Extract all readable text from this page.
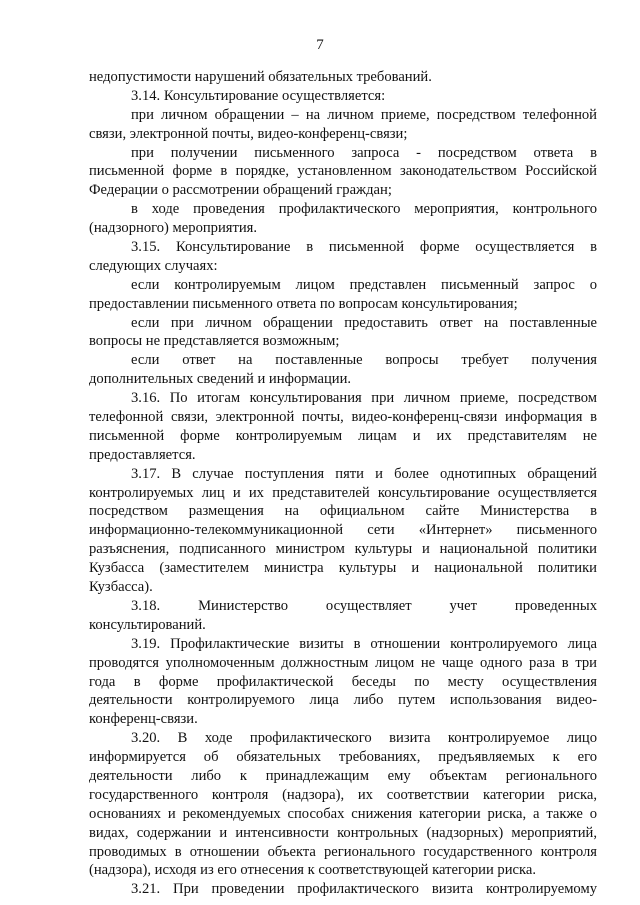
7
недопустимости нарушений обязательных требований.
3.14. Консультирование осуществляется:
при личном обращении – на личном приеме, посредством телефонной
связи, электронной почты, видео-конференц-связи;
при получении письменного запроса - посредством ответа в
письменной форме в порядке, установленном законодательством Российской
Федерации о рассмотрении обращений граждан;
в ходе проведения профилактического мероприятия, контрольного
(надзорного) мероприятия.
3.15. Консультирование в письменной форме осуществляется в
следующих случаях:
если контролируемым лицом представлен письменный запрос о
предоставлении письменного ответа по вопросам консультирования;
если при личном обращении предоставить ответ на поставленные
вопросы не представляется возможным;
если ответ на поставленные вопросы требует получения
дополнительных сведений и информации.
3.16. По итогам консультирования при личном приеме, посредством
телефонной связи, электронной почты, видео-конференц-связи информация в
письменной форме контролируемым лицам и их представителям не
предоставляется.
3.17. В случае поступления пяти и более однотипных обращений
контролируемых лиц и их представителей консультирование осуществляется
посредством размещения на официальном сайте Министерства в
информационно-телекоммуникационной сети «Интернет» письменного
разъяснения, подписанного министром культуры и национальной политики
Кузбасса (заместителем министра культуры и национальной политики
Кузбасса).
3.18. Министерство осуществляет учет проведенных
консультирований.
3.19. Профилактические визиты в отношении контролируемого лица
проводятся уполномоченным должностным лицом не чаще одного раза в три
года в форме профилактической беседы по месту осуществления
деятельности контролируемого лица либо путем использования видео-
конференц-связи.
3.20. В ходе профилактического визита контролируемое лицо
информируется об обязательных требованиях, предъявляемых к его
деятельности либо к принадлежащим ему объектам регионального
государственного контроля (надзора), их соответствии категории риска,
основаниях и рекомендуемых способах снижения категории риска, а также о
видах, содержании и интенсивности контрольных (надзорных) мероприятий,
проводимых в отношении объекта регионального государственного контроля
(надзора), исходя из его отнесения к соответствующей категории риска.
3.21. При проведении профилактического визита контролируемому
